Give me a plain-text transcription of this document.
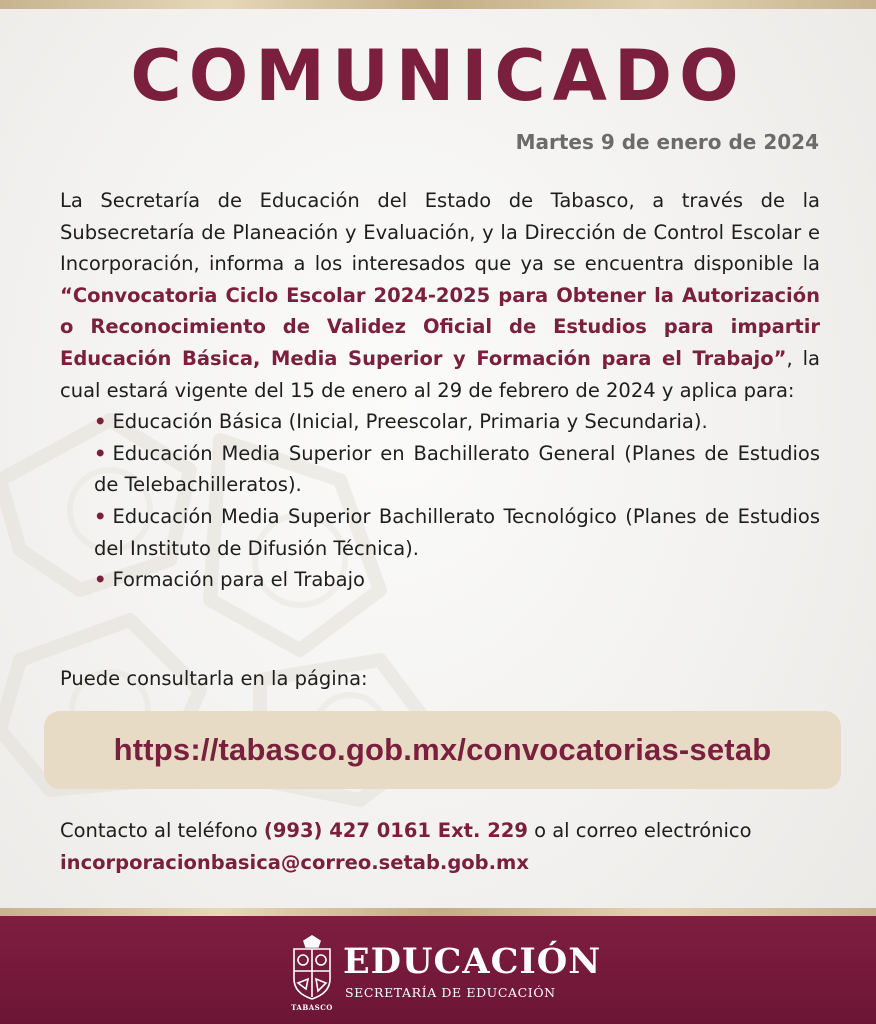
COMUNICADO
Martes 9 de enero de 2024
La Secretaría de Educación del Estado de Tabasco, a través de la Subsecretaría de Planeación y Evaluación, y la Dirección de Control Escolar e Incorporación, informa a los interesados que ya se encuentra disponible la “Convocatoria Ciclo Escolar 2024-2025 para Obtener la Autorización o Reconocimiento de Validez Oficial de Estudios para impartir Educación Básica, Media Superior y Formación para el Trabajo”, la cual estará vigente del 15 de enero al 29 de febrero de 2024 y aplica para:
• Educación Básica (Inicial, Preescolar, Primaria y Secundaria).
• Educación Media Superior en Bachillerato General (Planes de Estudios de Telebachilleratos).
• Educación Media Superior Bachillerato Tecnológico (Planes de Estudios del Instituto de Difusión Técnica).
• Formación para el Trabajo
Puede consultarla en la página:
https://tabasco.gob.mx/convocatorias-setab
Contacto al teléfono (993) 427 0161 Ext. 229 o al correo electrónico
incorporacionbasica@correo.setab.gob.mx
TABASCO
EDUCACIÓN
SECRETARÍA DE EDUCACIÓN
